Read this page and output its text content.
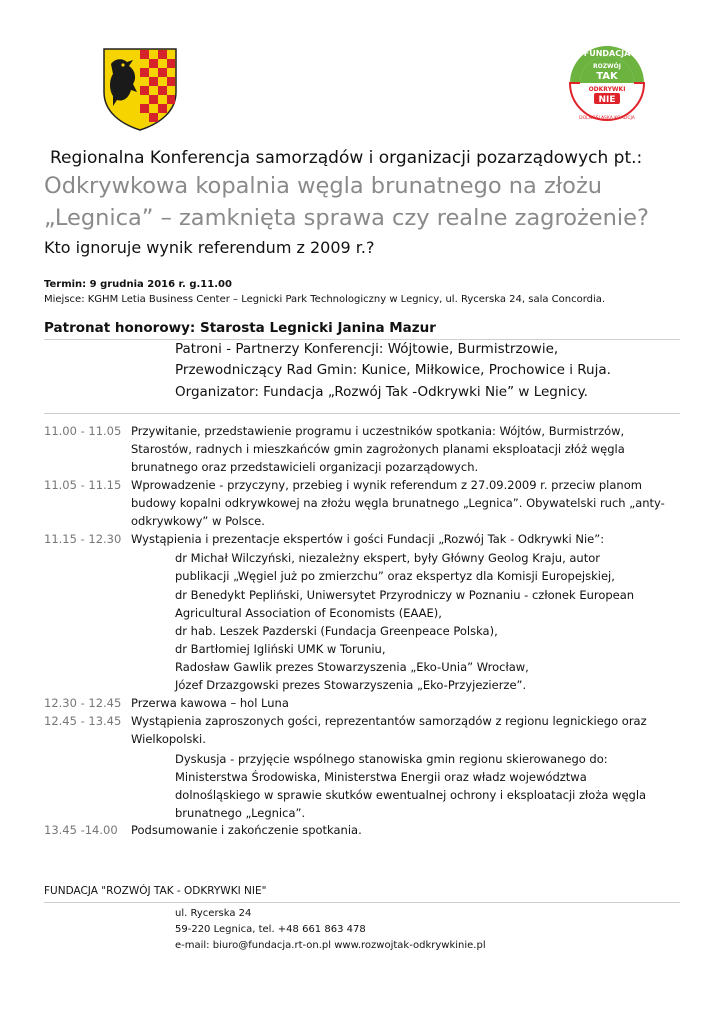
FUNDACJA
ROZWÓJ
TAK
ODKRYWKI
NIE
DOLNOŚLĄSKA KOALICJA
Regionalna Konferencja samorządów i organizacji pozarządowych pt.:
Odkrywkowa kopalnia węgla brunatnego na złożu
„Legnica” – zamknięta sprawa czy realne zagrożenie?
Kto ignoruje wynik referendum z 2009 r.?
Termin: 9 grudnia 2016 r. g.11.00
Miejsce: KGHM Letia Business Center – Legnicki Park Technologiczny w Legnicy, ul. Rycerska 24, sala Concordia.
Patronat honorowy: Starosta Legnicki Janina Mazur
Patroni - Partnerzy Konferencji: Wójtowie, Burmistrzowie,
Przewodniczący Rad Gmin: Kunice, Miłkowice, Prochowice i Ruja.
Organizator: Fundacja „Rozwój Tak -Odkrywki Nie” w Legnicy.
11.00 - 11.05
11.05 - 11.15
11.15 - 12.30
12.30 - 12.45
12.45 - 13.45
13.45 -14.00
Przywitanie, przedstawienie programu i uczestników spotkania: Wójtów, Burmistrzów,
Starostów, radnych i mieszkańców gmin zagrożonych planami eksploatacji złóż węgla
brunatnego oraz przedstawicieli organizacji pozarządowych.
Wprowadzenie - przyczyny, przebieg i wynik referendum z 27.09.2009 r. przeciw planom
budowy kopalni odkrywkowej na złożu węgla brunatnego „Legnica”. Obywatelski ruch „anty-
odkrywkowy” w Polsce.
Wystąpienia i prezentacje ekspertów i gości Fundacji „Rozwój Tak - Odkrywki Nie”:
dr Michał Wilczyński, niezależny ekspert, były Główny Geolog Kraju, autor
publikacji „Węgiel już po zmierzchu” oraz ekspertyz dla Komisji Europejskiej,
dr Benedykt Pepliński, Uniwersytet Przyrodniczy w Poznaniu - członek European
Agricultural Association of Economists (EAAE),
dr hab. Leszek Pazderski (Fundacja Greenpeace Polska),
dr Bartłomiej Igliński UMK w Toruniu,
Radosław Gawlik prezes Stowarzyszenia „Eko-Unia” Wrocław,
Józef Drzazgowski prezes Stowarzyszenia „Eko-Przyjezierze”.
Przerwa kawowa – hol Luna
Wystąpienia zaproszonych gości, reprezentantów samorządów z regionu legnickiego oraz
Wielkopolski.
Dyskusja - przyjęcie wspólnego stanowiska gmin regionu skierowanego do:
Ministerstwa Środowiska, Ministerstwa Energii oraz władz województwa
dolnośląskiego w sprawie skutków ewentualnej ochrony i eksploatacji złoża węgla
brunatnego „Legnica”.
Podsumowanie i zakończenie spotkania.
FUNDACJA "ROZWÓJ TAK - ODKRYWKI NIE"
ul. Rycerska 24
59-220 Legnica, tel. +48 661 863 478
e-mail: biuro@fundacja.rt-on.pl www.rozwojtak-odkrywkinie.pl
